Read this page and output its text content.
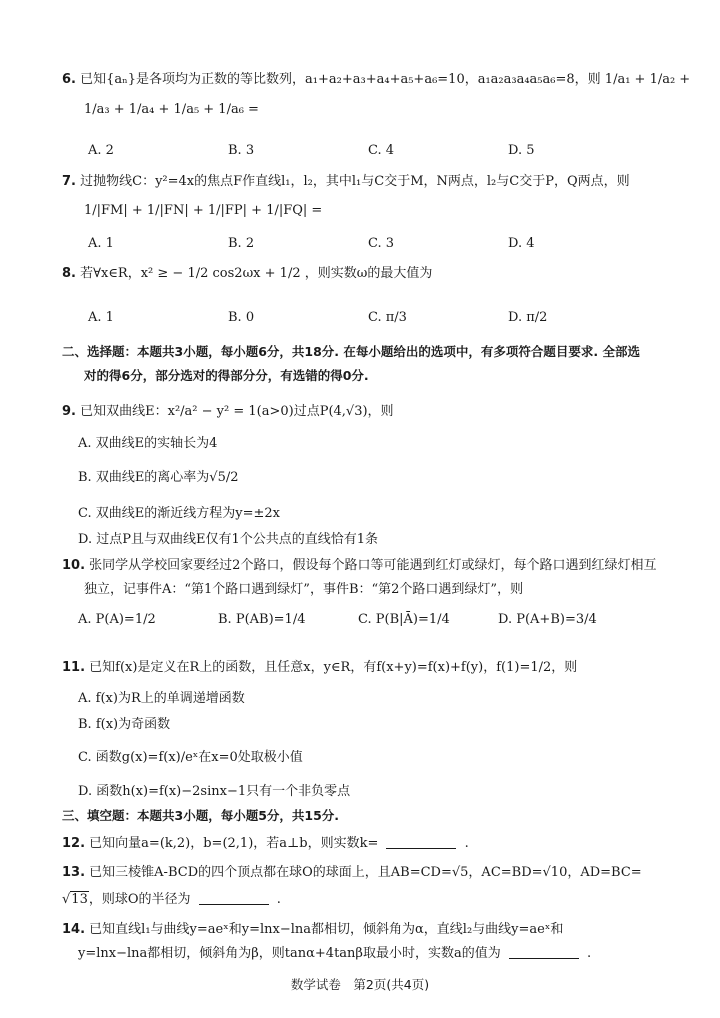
6. 已知{aₙ}是各项均为正数的等比数列，a₁+a₂+a₃+a₄+a₅+a₆=10，a₁a₂a₃a₄a₅a₆=8，则 1/a₁ + 1/a₂ +
1/a₃ + 1/a₄ + 1/a₅ + 1/a₆ =
A. 2	B. 3	C. 4	D. 5
7. 过抛物线C：y²=4x的焦点F作直线l₁，l₂，其中l₁与C交于M，N两点，l₂与C交于P，Q两点，则
1/|FM| + 1/|FN| + 1/|FP| + 1/|FQ| =
A. 1	B. 2	C. 3	D. 4
8. 若∀x∈R，x² ≥ − 1/2 cos2ωx + 1/2 ，则实数ω的最大值为
A. 1	B. 0	C. π/3	D. π/2
二、选择题：本题共3小题，每小题6分，共18分. 在每小题给出的选项中，有多项符合题目要求. 全部选
对的得6分，部分选对的得部分分，有选错的得0分.
9. 已知双曲线E：x²/a² − y² = 1(a>0)过点P(4,√3)，则
A. 双曲线E的实轴长为4
B. 双曲线E的离心率为√5/2
C. 双曲线E的渐近线方程为y=±2x
D. 过点P且与双曲线E仅有1个公共点的直线恰有1条
10. 张同学从学校回家要经过2个路口，假设每个路口等可能遇到红灯或绿灯，每个路口遇到红绿灯相互
独立，记事件A：“第1个路口遇到绿灯”，事件B：“第2个路口遇到绿灯”，则
A. P(A)=1/2	B. P(AB)=1/4	C. P(B|Ā)=1/4	D. P(A+B)=3/4
11. 已知f(x)是定义在R上的函数，且任意x，y∈R，有f(x+y)=f(x)+f(y)，f(1)=1/2，则
A. f(x)为R上的单调递增函数
B. f(x)为奇函数
C. 函数g(x)=f(x)/eˣ在x=0处取极小值
D. 函数h(x)=f(x)−2sinx−1只有一个非负零点
三、填空题：本题共3小题，每小题5分，共15分.
12. 已知向量a=(k,2)，b=(2,1)，若a⊥b，则实数k=	.
13. 已知三棱锥A-BCD的四个顶点都在球O的球面上，且AB=CD=√5，AC=BD=√10，AD=BC=
√13，则球O的半径为	.
14. 已知直线l₁与曲线y=aeˣ和y=lnx−lna都相切，倾斜角为α，直线l₂与曲线y=aeˣ和
y=lnx−lna都相切，倾斜角为β，则tanα+4tanβ取最小时，实数a的值为	.
数学试卷　第2页(共4页)
